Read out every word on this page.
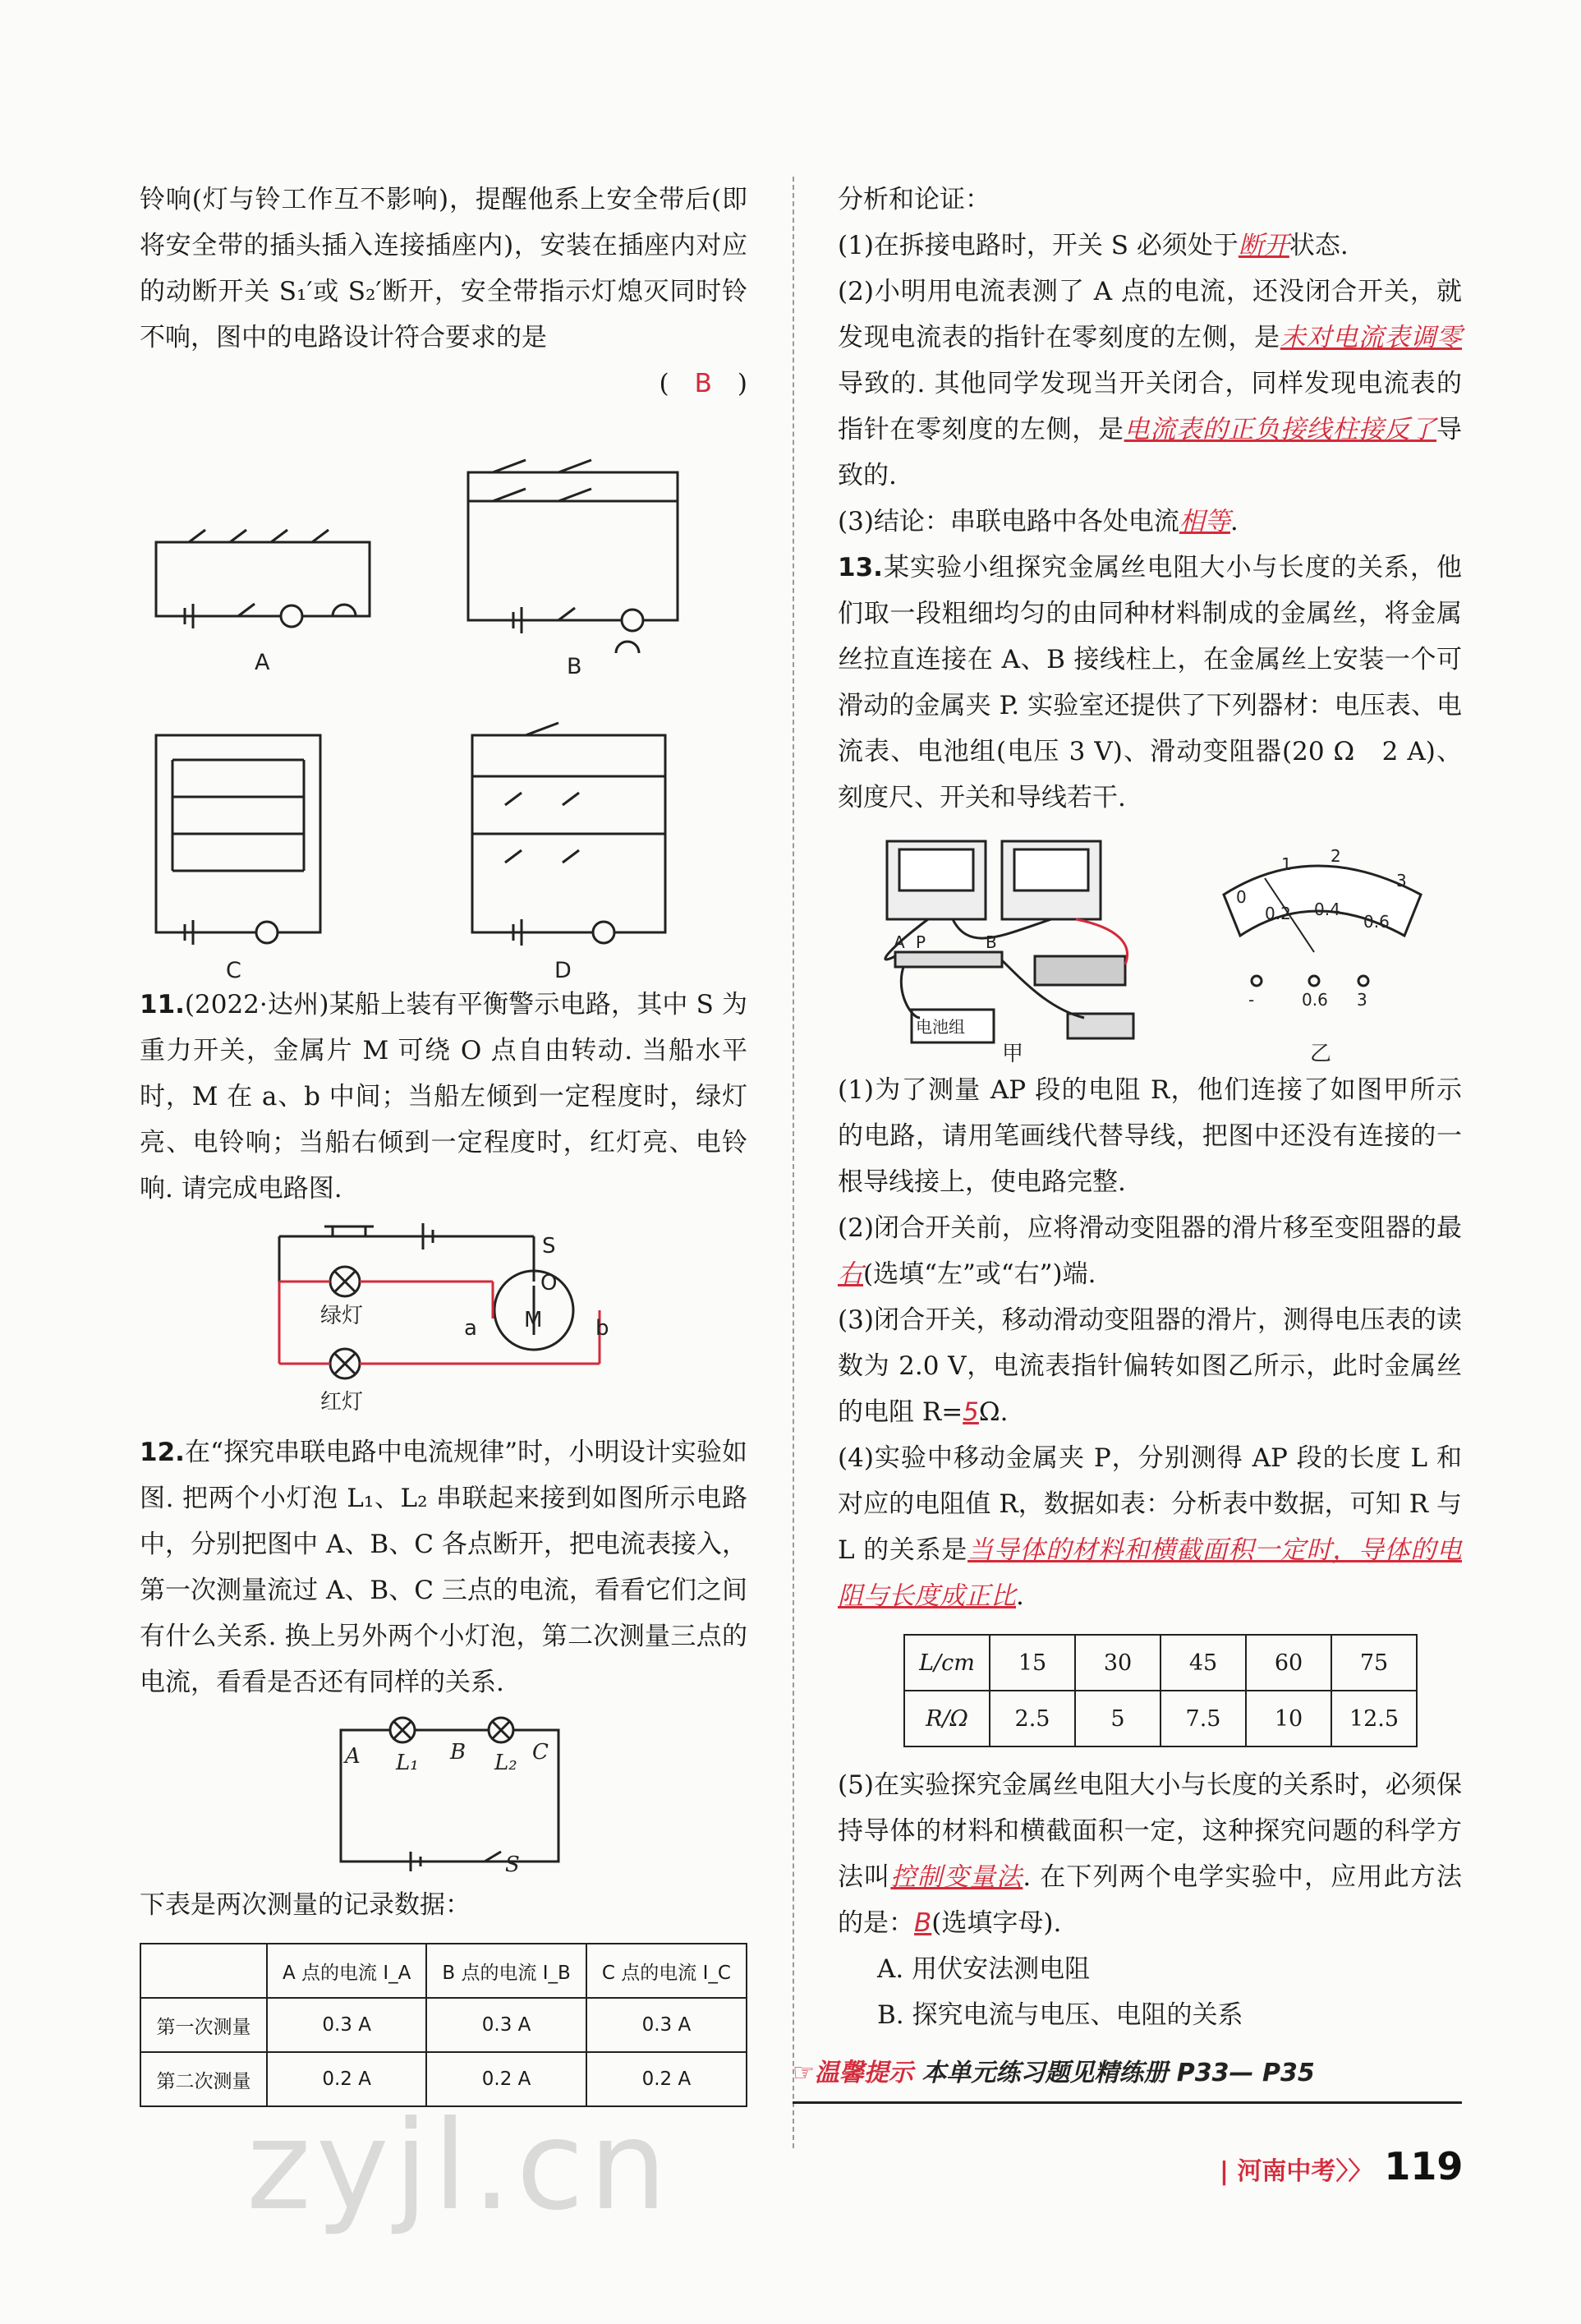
铃响(灯与铃工作互不影响)，提醒他系上安全带后(即将安全带的插头插入连接插座内)，安装在插座内对应的动断开关 S₁′或 S₂′断开，安全带指示灯熄灭同时铃不响，图中的电路设计符合要求的是

(　B　)

A	B
C	D

11.(2022·达州)某船上装有平衡警示电路，其中 S 为重力开关，金属片 M 可绕 O 点自由转动. 当船水平时，M 在 a、b 中间；当船左倾到一定程度时，绿灯亮、电铃响；当船右倾到一定程度时，红灯亮、电铃响. 请完成电路图.

绿灯
红灯
S
O
M
a	b

12.在“探究串联电路中电流规律”时，小明设计实验如图. 把两个小灯泡 L₁、L₂ 串联起来接到如图所示电路中，分别把图中 A、B、C 各点断开，把电流表接入，第一次测量流过 A、B、C 三点的电流，看看它们之间有什么关系. 换上另外两个小灯泡，第二次测量三点的电流，看看是否还有同样的关系.

A	B	C
L₁	L₂
S

下表是两次测量的记录数据：

	A 点的电流 I_A	B 点的电流 I_B	C 点的电流 I_C
第一次测量	0.3 A	0.3 A	0.3 A
第二次测量	0.2 A	0.2 A	0.2 A

分析和论证：

(1)在拆接电路时，开关 S 必须处于断开状态.

(2)小明用电流表测了 A 点的电流，还没闭合开关，就发现电流表的指针在零刻度的左侧，是未对电流表调零导致的. 其他同学发现当开关闭合，同样发现电流表的指针在零刻度的左侧，是电流表的正负接线柱接反了导致的.

(3)结论：串联电路中各处电流相等.

13.某实验小组探究金属丝电阻大小与长度的关系，他们取一段粗细均匀的由同种材料制成的金属丝，将金属丝拉直连接在 A、B 接线柱上，在金属丝上安装一个可滑动的金属夹 P. 实验室还提供了下列器材：电压表、电流表、电池组(电压 3 V)、滑动变阻器(20 Ω　2 A)、刻度尺、开关和导线若干.

0
1 2
3
0.2 0.4
0.6
-	0.6 3
电池组
A P	B
甲	乙

(1)为了测量 AP 段的电阻 R，他们连接了如图甲所示的电路，请用笔画线代替导线，把图中还没有连接的一根导线接上，使电路完整.

(2)闭合开关前，应将滑动变阻器的滑片移至变阻器的最右(选填“左”或“右”)端.

(3)闭合开关，移动滑动变阻器的滑片，测得电压表的读数为 2.0 V，电流表指针偏转如图乙所示，此时金属丝的电阻 R=5Ω.

(4)实验中移动金属夹 P，分别测得 AP 段的长度 L 和对应的电阻值 R，数据如表：分析表中数据，可知 R 与 L 的关系是当导体的材料和横截面积一定时，导体的电阻与长度成正比.

L/cm	15	30	45	60	75
R/Ω	2.5	5	7.5	10	12.5

(5)在实验探究金属丝电阻大小与长度的关系时，必须保持导体的材料和横截面积一定，这种探究问题的科学方法叫控制变量法. 在下列两个电学实验中，应用此方法的是：B(选填字母).

A. 用伏安法测电阻

B. 探究电流与电压、电阻的关系

☞温馨提示 本单元练习题见精练册 P33— P35
zyjl.cn	| 河南中考〉〉 119
